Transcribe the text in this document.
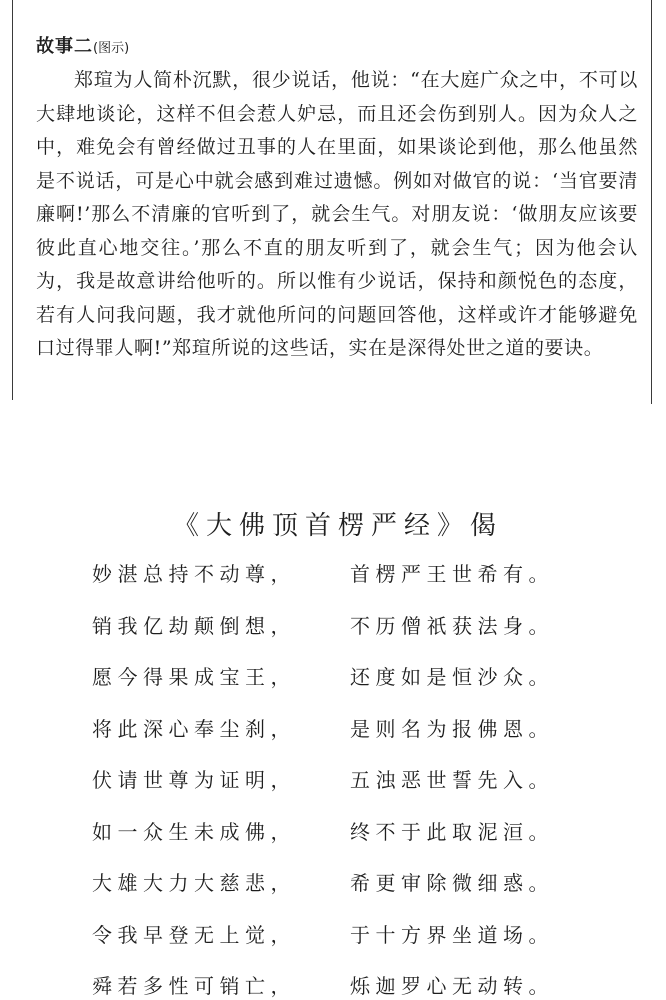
故事二(图示)

郑瑄为人简朴沉默，很少说话，他说：“在大庭广众之中，不可以大肆地谈论，这样不但会惹人妒忌，而且还会伤到别人。因为众人之中，难免会有曾经做过丑事的人在里面，如果谈论到他，那么他虽然是不说话，可是心中就会感到难过遗憾。例如对做官的说：‘当官要清廉啊!’那么不清廉的官听到了，就会生气。对朋友说：‘做朋友应该要彼此直心地交往。’那么不直的朋友听到了，就会生气；因为他会认为，我是故意讲给他听的。所以惟有少说话，保持和颜悦色的态度，若有人问我问题，我才就他所问的问题回答他，这样或许才能够避免口过得罪人啊!”郑瑄所说的这些话，实在是深得处世之道的要诀。

《大佛顶首楞严经》偈
妙湛总持不动尊，	首楞严王世希有。
销我亿劫颠倒想，	不历僧祇获法身。
愿今得果成宝王，	还度如是恒沙众。
将此深心奉尘刹，	是则名为报佛恩。
伏请世尊为证明，	五浊恶世誓先入。
如一众生未成佛，	终不于此取泥洹。
大雄大力大慈悲，	希更审除微细惑。
令我早登无上觉，	于十方界坐道场。
舜若多性可销亡，	烁迦罗心无动转。
